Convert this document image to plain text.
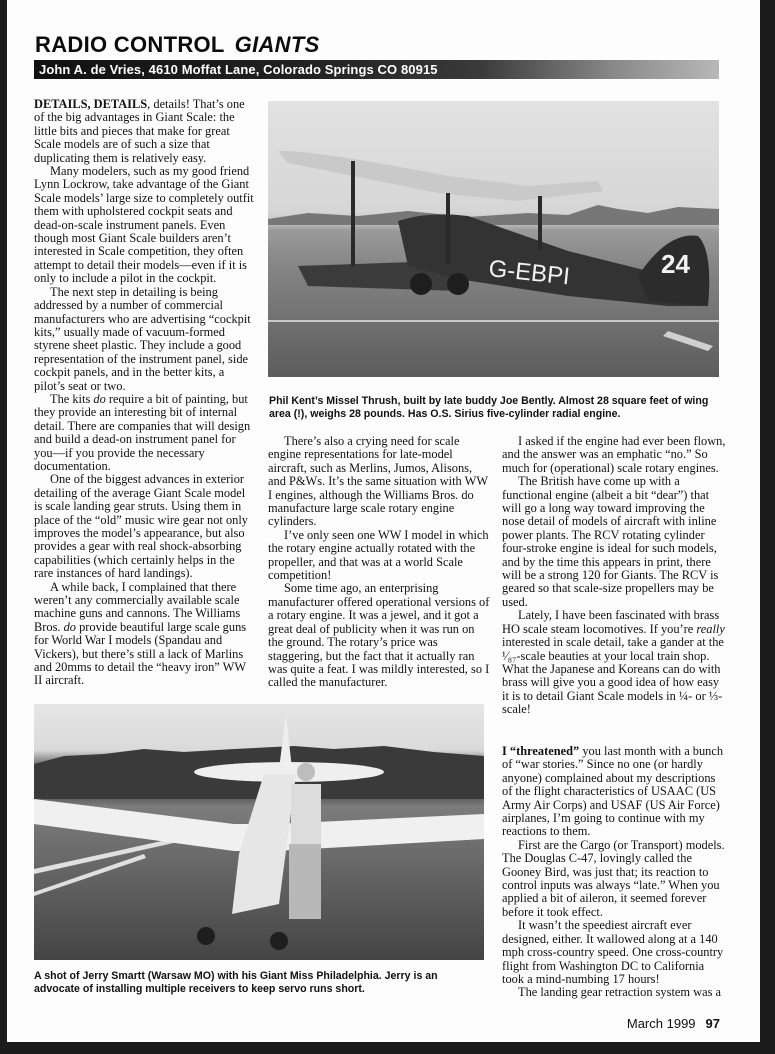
RADIO CONTROL GIANTS
John A. de Vries, 4610 Moffat Lane, Colorado Springs CO 80915

DETAILS, DETAILS, details! That’s one of the big advantages in Giant Scale: the little bits and pieces that make for great Scale models are of such a size that duplicating them is relatively easy.

Many modelers, such as my good friend Lynn Lockrow, take advantage of the Giant Scale models’ large size to completely outfit them with upholstered cockpit seats and dead-on-scale instrument panels. Even though most Giant Scale builders aren’t interested in Scale competition, they often attempt to detail their models—even if it is only to include a pilot in the cockpit.

The next step in detailing is being addressed by a number of commercial manufacturers who are advertising “cockpit kits,” usually made of vacuum-formed styrene sheet plastic. They include a good representation of the instrument panel, side cockpit panels, and in the better kits, a pilot’s seat or two.

The kits do require a bit of painting, but they provide an interesting bit of internal detail. There are companies that will design and build a dead-on instrument panel for you—if you provide the necessary documentation.

One of the biggest advances in exterior detailing of the average Giant Scale model is scale landing gear struts. Using them in place of the “old” music wire gear not only improves the model’s appearance, but also provides a gear with real shock-absorbing capabilities (which certainly helps in the rare instances of hard landings).

A while back, I complained that there weren’t any commercially available scale machine guns and cannons. The Williams Bros. do provide beautiful large scale guns for World War I models (Spandau and Vickers), but there’s still a lack of Marlins and 20mms to detail the “heavy iron” WW II aircraft.

G-EBPI	24
Phil Kent’s Missel Thrush, built by late buddy Joe Bently. Almost 28 square feet of wing area (!), weighs 28 pounds. Has O.S. Sirius five-cylinder radial engine.

There’s also a crying need for scale engine representations for late-model aircraft, such as Merlins, Jumos, Alisons, and P&Ws. It’s the same situation with WW I engines, although the Williams Bros. do manufacture large scale rotary engine cylinders.

I’ve only seen one WW I model in which the rotary engine actually rotated with the propeller, and that was at a world Scale competition!

Some time ago, an enterprising manufacturer offered operational versions of a rotary engine. It was a jewel, and it got a great deal of publicity when it was run on the ground. The rotary’s price was staggering, but the fact that it actually ran was quite a feat. I was mildly interested, so I called the manufacturer.

I asked if the engine had ever been flown, and the answer was an emphatic “no.” So much for (operational) scale rotary engines.

The British have come up with a functional engine (albeit a bit “dear”) that will go a long way toward improving the nose detail of models of aircraft with inline power plants. The RCV rotating cylinder four-stroke engine is ideal for such models, and by the time this appears in print, there will be a strong 120 for Giants. The RCV is geared so that scale-size propellers may be used.

Lately, I have been fascinated with brass HO scale steam locomotives. If you’re really interested in scale detail, take a gander at the ¹⁄₈₇-scale beauties at your local train shop. What the Japanese and Koreans can do with brass will give you a good idea of how easy it is to detail Giant Scale models in ¼- or ⅓-scale!

I “threatened” you last month with a bunch of “war stories.” Since no one (or hardly anyone) complained about my descriptions of the flight characteristics of USAAC (US Army Air Corps) and USAF (US Air Force) airplanes, I’m going to continue with my reactions to them.

First are the Cargo (or Transport) models. The Douglas C-47, lovingly called the Gooney Bird, was just that; its reaction to control inputs was always “late.” When you applied a bit of aileron, it seemed forever before it took effect.

It wasn’t the speediest aircraft ever designed, either. It wallowed along at a 140 mph cross-country speed. One cross-country flight from Washington DC to California took a mind-numbing 17 hours!

The landing gear retraction system was a

A shot of Jerry Smartt (Warsaw MO) with his Giant Miss Philadelphia. Jerry is an advocate of installing multiple receivers to keep servo runs short.
March 1999 97
